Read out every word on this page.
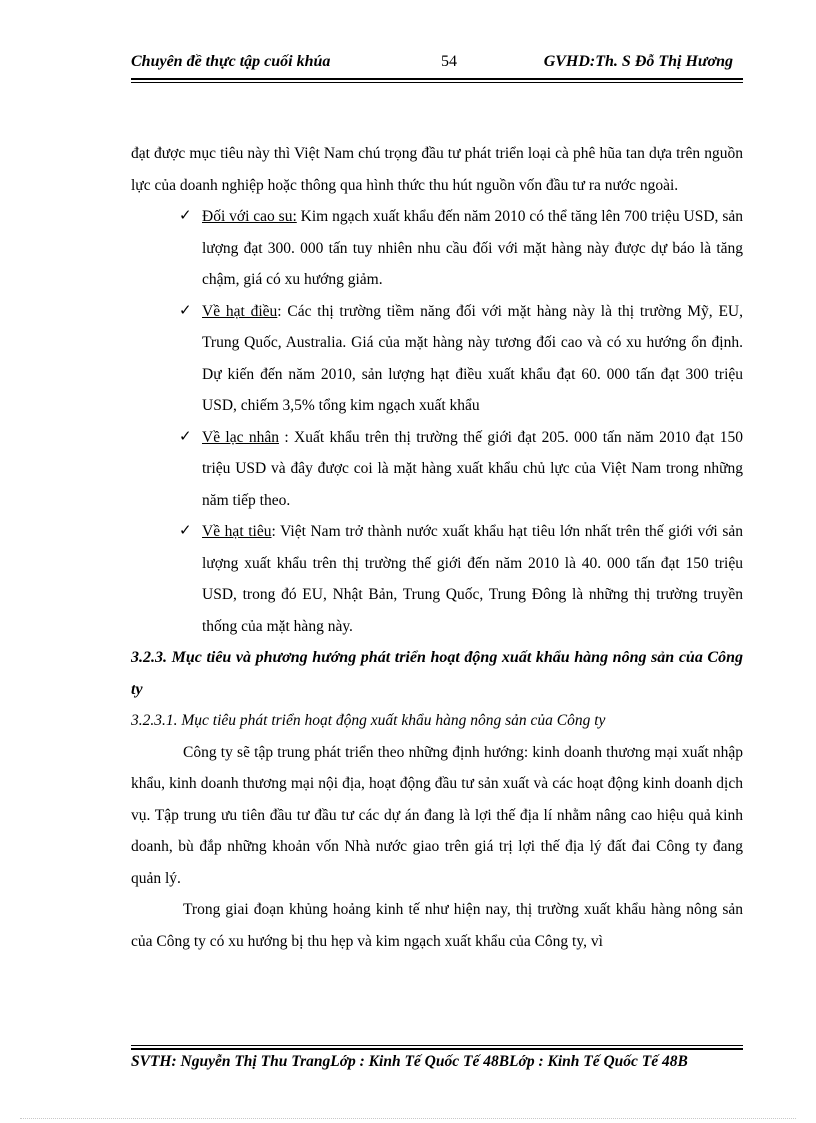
Chuyên đề thực tập cuối khúa	54	GVHD:Th. S Đỗ Thị Hương

đạt được mục tiêu này thì Việt Nam chú trọng đầu tư phát triển loại cà phê hũa tan dựa trên nguồn lực của doanh nghiệp hoặc thông qua hình thức thu hút nguồn vốn đầu tư ra nước ngoài.

✓ Đối với cao su: Kim ngạch xuất khẩu đến năm 2010 có thể tăng lên 700 triệu USD, sản lượng đạt 300. 000 tấn tuy nhiên nhu cầu đối với mặt hàng này được dự báo là tăng chậm, giá có xu hướng giảm.
✓ Về hạt điều: Các thị trường tiềm năng đối với mặt hàng này là thị trường Mỹ, EU, Trung Quốc, Australia. Giá của mặt hàng này tương đối cao và có xu hướng ổn định. Dự kiến đến năm 2010, sản lượng hạt điều xuất khẩu đạt 60. 000 tấn đạt 300 triệu USD, chiếm 3,5% tổng kim ngạch xuất khẩu
✓ Về lạc nhân : Xuất khẩu trên thị trường thế giới đạt 205. 000 tấn năm 2010 đạt 150 triệu USD và đây được coi là mặt hàng xuất khẩu chủ lực của Việt Nam trong những năm tiếp theo.
✓ Về hạt tiêu: Việt Nam trở thành nước xuất khẩu hạt tiêu lớn nhất trên thế giới với sản lượng xuất khẩu trên thị trường thế giới đến năm 2010 là 40. 000 tấn đạt 150 triệu USD, trong đó EU, Nhật Bản, Trung Quốc, Trung Đông là những thị trường truyền thống của mặt hàng này.

3.2.3. Mục tiêu và phương hướng phát triển hoạt động xuất khẩu hàng nông sản của Công ty

3.2.3.1. Mục tiêu phát triển hoạt động xuất khẩu hàng nông sản của Công ty

Công ty sẽ tập trung phát triển theo những định hướng: kinh doanh thương mại xuất nhập khẩu, kinh doanh thương mại nội địa, hoạt động đầu tư sản xuất và các hoạt động kinh doanh dịch vụ. Tập trung ưu tiên đầu tư đầu tư các dự án đang là lợi thế địa lí nhằm nâng cao hiệu quả kinh doanh, bù đắp những khoản vốn Nhà nước giao trên giá trị lợi thế địa lý đất đai Công ty đang quản lý.

Trong giai đoạn khủng hoảng kinh tế như hiện nay, thị trường xuất khẩu hàng nông sản của Công ty có xu hướng bị thu hẹp và kim ngạch xuất khẩu của Công ty, vì

SVTH: Nguyễn Thị Thu TrangLớp : Kinh Tế Quốc Tế 48BLớp : Kinh Tế Quốc Tế 48B
